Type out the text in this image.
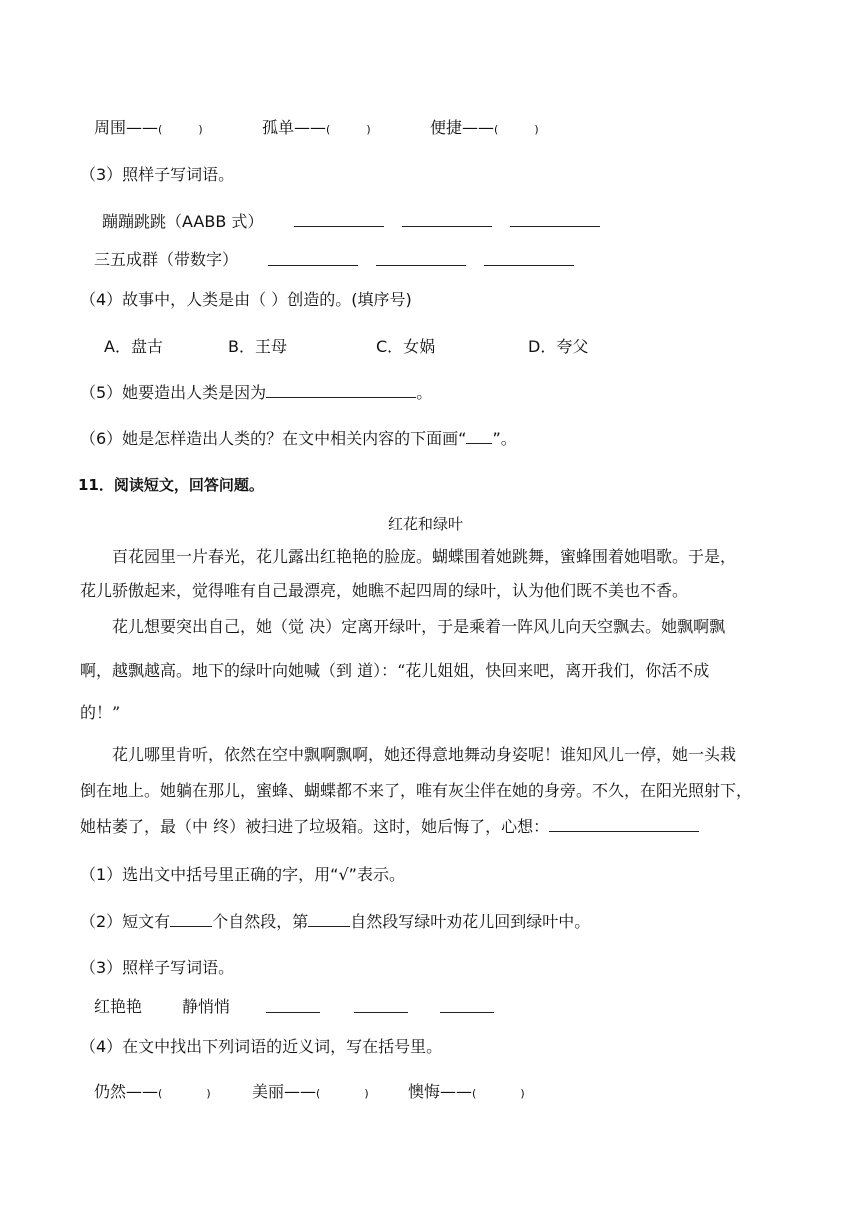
周围——(	)	孤单——(	)	便捷——(	)
（3）照样子写词语。
蹦蹦跳跳（AABB 式）
三五成群（带数字）
（4）故事中，人类是由（ ）创造的。(填序号)
A．盘古	B．王母	C．女娲	D．夸父
（5）她要造出人类是因为	。
（6）她是怎样造出人类的？在文中相关内容的下面画“ ”。
11．阅读短文，回答问题。
红花和绿叶
百花园里一片春光，花儿露出红艳艳的脸庞。蝴蝶围着她跳舞，蜜蜂围着她唱歌。于是，
花儿骄傲起来，觉得唯有自己最漂亮，她瞧不起四周的绿叶，认为他们既不美也不香。
花儿想要突出自己，她（觉 决）定离开绿叶，于是乘着一阵风儿向天空飘去。她飘啊飘
啊，越飘越高。地下的绿叶向她喊（到 道）：“花儿姐姐，快回来吧，离开我们，你活不成
的！”
花儿哪里肯听，依然在空中飘啊飘啊，她还得意地舞动身姿呢！谁知风儿一停，她一头栽
倒在地上。她躺在那儿，蜜蜂、蝴蝶都不来了，唯有灰尘伴在她的身旁。不久，在阳光照射下，
她枯萎了，最（中 终）被扫进了垃圾箱。这时，她后悔了，心想：
（1）选出文中括号里正确的字，用“√”表示。
（2）短文有	个自然段，第	自然段写绿叶劝花儿回到绿叶中。
（3）照样子写词语。
红艳艳 静悄悄
（4）在文中找出下列词语的近义词，写在括号里。
仍然——(	)	美丽——(	) 懊悔——(	)
